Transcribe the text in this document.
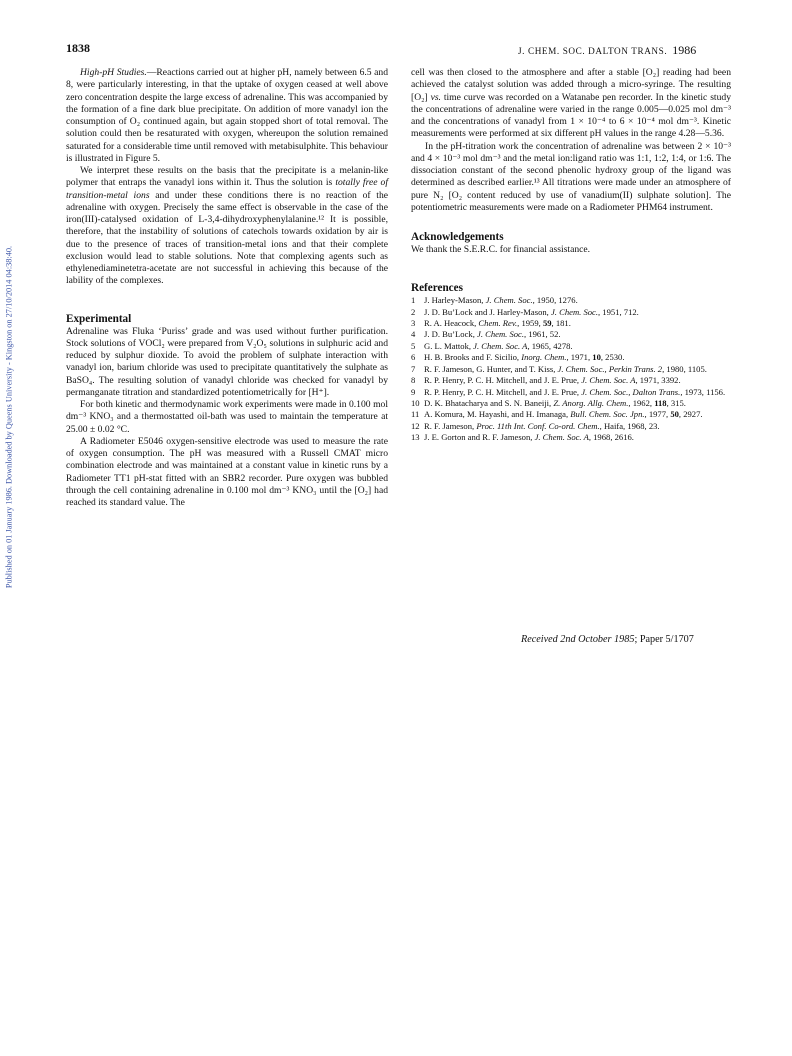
Published on 01 January 1986. Downloaded by Queens University - Kingston on 27/10/2014 04:38:40.
1838	J. CHEM. SOC. DALTON TRANS. 1986

High-pH Studies.—Reactions carried out at higher pH, namely between 6.5 and 8, were particularly interesting, in that the uptake of oxygen ceased at well above zero concentration despite the large excess of adrenaline. This was accompanied by the formation of a fine dark blue precipitate. On addition of more vanadyl ion the consumption of O₂ continued again, but again stopped short of total removal. The solution could then be resaturated with oxygen, whereupon the solution remained saturated for a considerable time until removed with metabisulphite. This behaviour is illustrated in Figure 5.

We interpret these results on the basis that the precipitate is a melanin-like polymer that entraps the vanadyl ions within it. Thus the solution is totally free of transition-metal ions and under these conditions there is no reaction of the adrenaline with oxygen. Precisely the same effect is observable in the case of the iron(III)-catalysed oxidation of L-3,4-dihydroxyphenylalanine.¹² It is possible, therefore, that the instability of solutions of catechols towards oxidation by air is due to the presence of traces of transition-metal ions and that their complete exclusion would lead to stable solutions. Note that complexing agents such as ethylenediaminetetra-acetate are not successful in achieving this because of the lability of the complexes.

Experimental

Adrenaline was Fluka ‘Puriss’ grade and was used without further purification. Stock solutions of VOCl₂ were prepared from V₂O₅ solutions in sulphuric acid and reduced by sulphur dioxide. To avoid the problem of sulphate interaction with vanadyl ion, barium chloride was used to precipitate quantitatively the sulphate as BaSO₄. The resulting solution of vanadyl chloride was checked for vanadyl by permanganate titration and standardized potentiometrically for [H⁺].

For both kinetic and thermodynamic work experiments were made in 0.100 mol dm⁻³ KNO₃ and a thermostatted oil-bath was used to maintain the temperature at 25.00 ± 0.02 °C.

A Radiometer E5046 oxygen-sensitive electrode was used to measure the rate of oxygen consumption. The pH was measured with a Russell CMAT micro combination electrode and was maintained at a constant value in kinetic runs by a Radiometer TT1 pH-stat fitted with an SBR2 recorder. Pure oxygen was bubbled through the cell containing adrenaline in 0.100 mol dm⁻³ KNO₃ until the [O₂] had reached its standard value. The

cell was then closed to the atmosphere and after a stable [O₂] reading had been achieved the catalyst solution was added through a micro-syringe. The resulting [O₂] vs. time curve was recorded on a Watanabe pen recorder. In the kinetic study the concentrations of adrenaline were varied in the range 0.005—0.025 mol dm⁻³ and the concentrations of vanadyl from 1 × 10⁻⁴ to 6 × 10⁻⁴ mol dm⁻³. Kinetic measurements were performed at six different pH values in the range 4.28—5.36.

In the pH-titration work the concentration of adrenaline was between 2 × 10⁻³ and 4 × 10⁻³ mol dm⁻³ and the metal ion:ligand ratio was 1:1, 1:2, 1:4, or 1:6. The dissociation constant of the second phenolic hydroxy group of the ligand was determined as described earlier.¹³ All titrations were made under an atmosphere of pure N₂ [O₂ content reduced by use of vanadium(II) sulphate solution]. The potentiometric measurements were made on a Radiometer PHM64 instrument.

Acknowledgements

We thank the S.E.R.C. for financial assistance.

References
1 J. Harley-Mason, J. Chem. Soc., 1950, 1276.
2 J. D. Bu’Lock and J. Harley-Mason, J. Chem. Soc., 1951, 712.
3 R. A. Heacock, Chem. Rev., 1959, 59, 181.
4 J. D. Bu’Lock, J. Chem. Soc., 1961, 52.
5 G. L. Mattok, J. Chem. Soc. A, 1965, 4278.
6 H. B. Brooks and F. Sicilio, Inorg. Chem., 1971, 10, 2530.
7 R. F. Jameson, G. Hunter, and T. Kiss, J. Chem. Soc., Perkin Trans. 2, 1980, 1105.
8 R. P. Henry, P. C. H. Mitchell, and J. E. Prue, J. Chem. Soc. A, 1971, 3392.
9 R. P. Henry, P. C. H. Mitchell, and J. E. Prue, J. Chem. Soc., Dalton Trans., 1973, 1156.
10 D. K. Bhatacharya and S. N. Baneiji, Z. Anorg. Allg. Chem., 1962, 118, 315.
11 A. Komura, M. Hayashi, and H. Imanaga, Bull. Chem. Soc. Jpn., 1977, 50, 2927.
12 R. F. Jameson, Proc. 11th Int. Conf. Co-ord. Chem., Haifa, 1968, 23.
13 J. E. Gorton and R. F. Jameson, J. Chem. Soc. A, 1968, 2616.
Received 2nd October 1985; Paper 5/1707
